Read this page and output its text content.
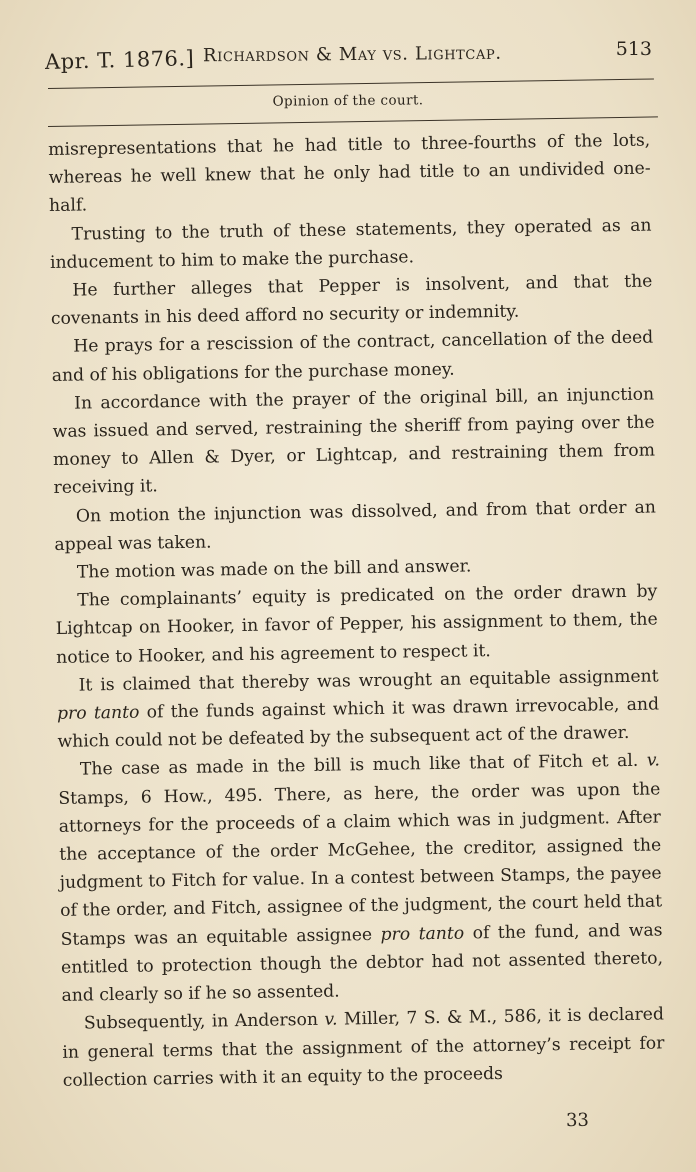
Apr. T. 1876.] Richardson & May vs. Lightcap.	513
Opinion of the court.

misrepresentations that he had title to three-fourths of the lots, whereas he well knew that he only had title to an undivided one-half.

Trusting to the truth of these statements, they operated as an inducement to him to make the purchase.

He further alleges that Pepper is insolvent, and that the covenants in his deed afford no security or indemnity.

He prays for a rescission of the contract, cancellation of the deed and of his obligations for the purchase money.

In accordance with the prayer of the original bill, an injunction was issued and served, restraining the sheriff from paying over the money to Allen & Dyer, or Lightcap, and restraining them from receiving it.

On motion the injunction was dissolved, and from that order an appeal was taken.

The motion was made on the bill and answer.

The complainants’ equity is predicated on the order drawn by Lightcap on Hooker, in favor of Pepper, his assignment to them, the notice to Hooker, and his agreement to respect it.

It is claimed that thereby was wrought an equitable assignment pro tanto of the funds against which it was drawn irrevocable, and which could not be defeated by the subsequent act of the drawer.

The case as made in the bill is much like that of Fitch et al. v. Stamps, 6 How., 495. There, as here, the order was upon the attorneys for the proceeds of a claim which was in judgment. After the acceptance of the order McGehee, the creditor, assigned the judgment to Fitch for value. In a contest between Stamps, the payee of the order, and Fitch, assignee of the judgment, the court held that Stamps was an equitable assignee pro tanto of the fund, and was entitled to protection though the debtor had not assented thereto, and clearly so if he so assented.

Subsequently, in Anderson v. Miller, 7 S. & M., 586, it is declared in general terms that the assignment of the attorney’s receipt for collection carries with it an equity to the proceeds

33
